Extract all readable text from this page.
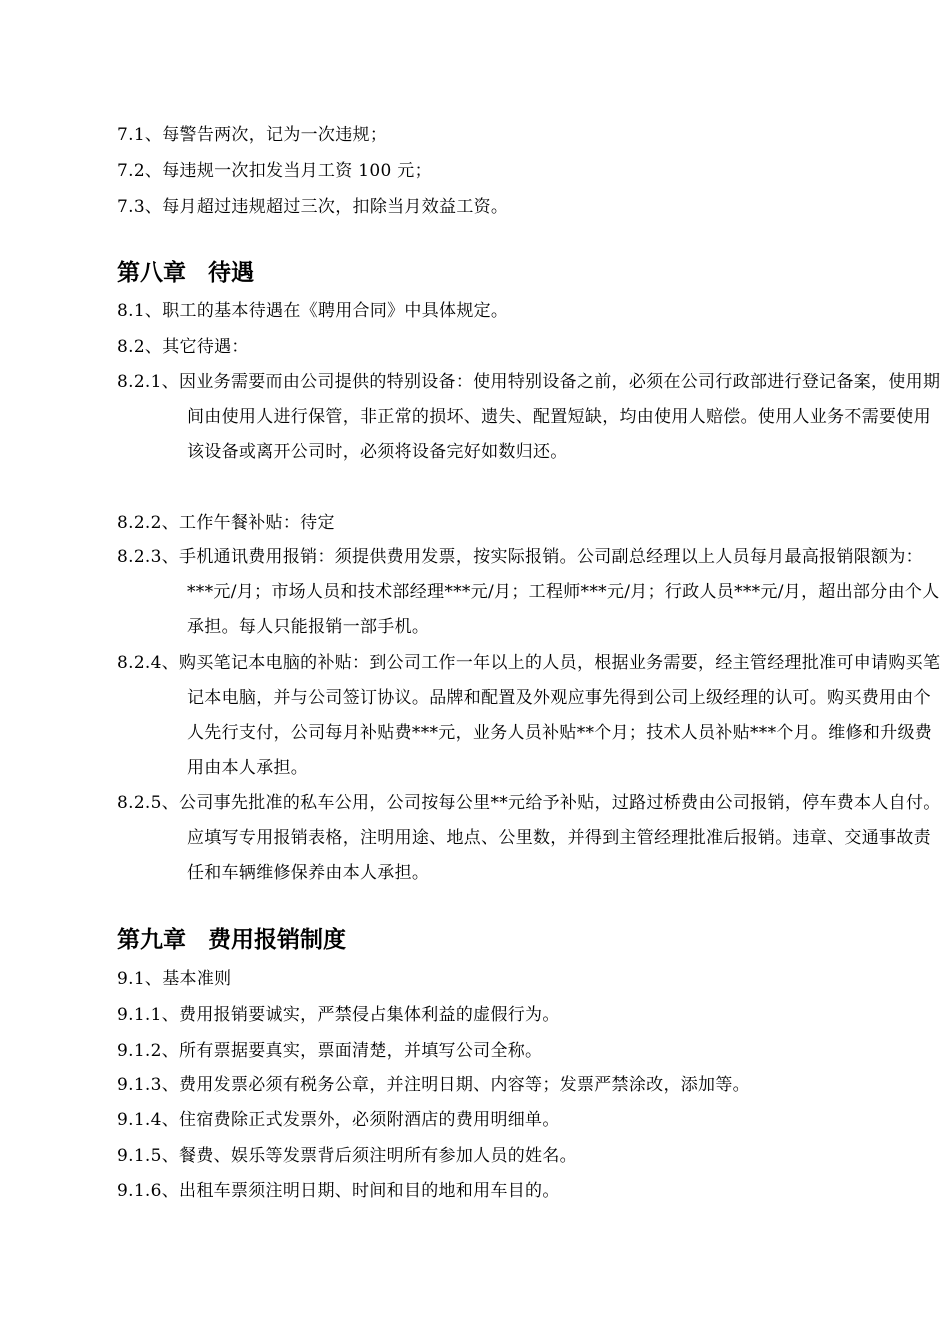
7.1、每警告两次，记为一次违规；
7.2、每违规一次扣发当月工资 100 元；
7.3、每月超过违规超过三次，扣除当月效益工资。
第八章 待遇
8.1、职工的基本待遇在《聘用合同》中具体规定。
8.2、其它待遇：
8.2.1、因业务需要而由公司提供的特别设备：使用特别设备之前，必须在公司行政部进行登记备案，使用期间由使用人进行保管，非正常的损坏、遗失、配置短缺，均由使用人赔偿。使用人业务不需要使用该设备或离开公司时，必须将设备完好如数归还。
8.2.2、工作午餐补贴：待定
8.2.3、手机通讯费用报销：须提供费用发票，按实际报销。公司副总经理以上人员每月最高报销限额为：***元/月；市场人员和技术部经理***元/月；工程师***元/月；行政人员***元/月，超出部分由个人承担。每人只能报销一部手机。
8.2.4、购买笔记本电脑的补贴：到公司工作一年以上的人员，根据业务需要，经主管经理批准可申请购买笔记本电脑，并与公司签订协议。品牌和配置及外观应事先得到公司上级经理的认可。购买费用由个人先行支付，公司每月补贴费***元，业务人员补贴**个月；技术人员补贴***个月。维修和升级费用由本人承担。
8.2.5、公司事先批准的私车公用，公司按每公里**元给予补贴，过路过桥费由公司报销，停车费本人自付。应填写专用报销表格，注明用途、地点、公里数，并得到主管经理批准后报销。违章、交通事故责任和车辆维修保养由本人承担。
第九章 费用报销制度
9.1、基本准则
9.1.1、费用报销要诚实，严禁侵占集体利益的虚假行为。
9.1.2、所有票据要真实，票面清楚，并填写公司全称。
9.1.3、费用发票必须有税务公章，并注明日期、内容等；发票严禁涂改，添加等。
9.1.4、住宿费除正式发票外，必须附酒店的费用明细单。
9.1.5、餐费、娱乐等发票背后须注明所有参加人员的姓名。
9.1.6、出租车票须注明日期、时间和目的地和用车目的。
